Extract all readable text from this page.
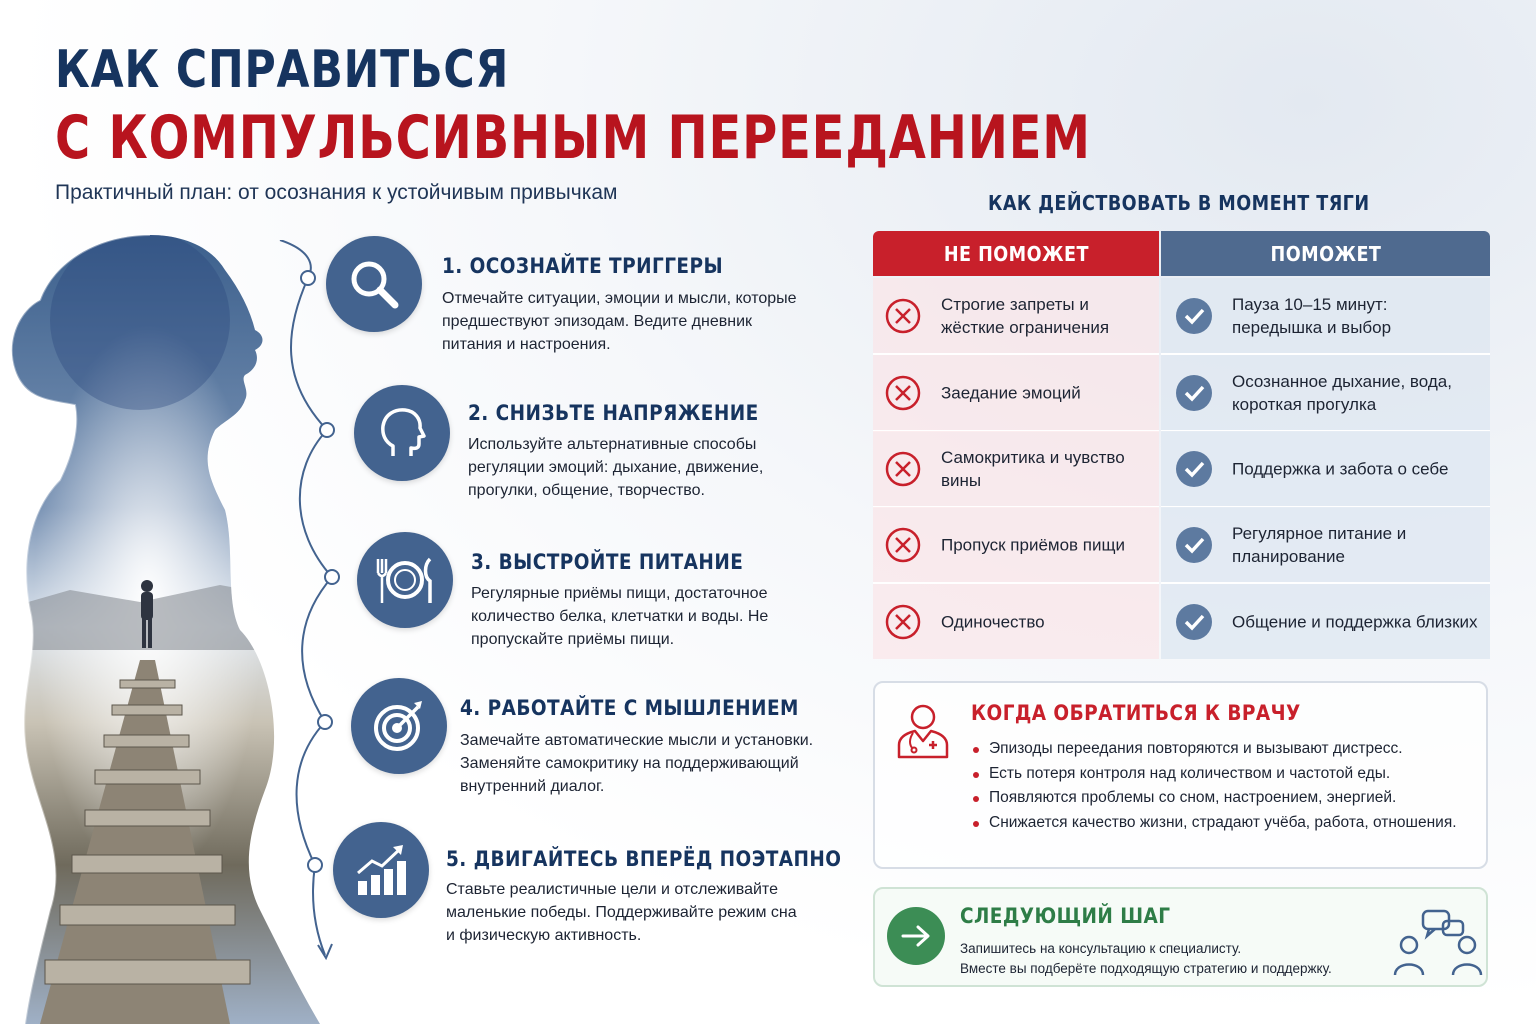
КАК СПРАВИТЬСЯ
С КОМПУЛЬСИВНЫМ ПЕРЕЕДАНИЕМ
Практичный план: от осознания к устойчивым привычкам
1. ОСОЗНАЙТЕ ТРИГГЕРЫ
Отмечайте ситуации, эмоции и мысли, которые предшествуют эпизодам. Ведите дневник питания и настроения.
2. СНИЗЬТЕ НАПРЯЖЕНИЕ
Используйте альтернативные способы регуляции эмоций: дыхание, движение, прогулки, общение, творчество.
3. ВЫСТРОЙТЕ ПИТАНИЕ
Регулярные приёмы пищи, достаточное количество белка, клетчатки и воды. Не пропускайте приёмы пищи.
4. РАБОТАЙТЕ С МЫШЛЕНИЕМ
Замечайте автоматические мысли и установки. Заменяйте самокритику на поддерживающий внутренний диалог.
5. ДВИГАЙТЕСЬ ВПЕРЁД ПОЭТАПНО
Ставьте реалистичные цели и отслеживайте маленькие победы. Поддерживайте режим сна и физическую активность.
КАК ДЕЙСТВОВАТЬ В МОМЕНТ ТЯГИ
НЕ ПОМОЖЕТ	ПОМОЖЕТ
Строгие запреты и жёсткие ограничения
Пауза 10–15 минут: передышка и выбор
Заедание эмоций
Осознанное дыхание, вода, короткая прогулка
Самокритика и чувство вины
Поддержка и забота о себе
Пропуск приёмов пищи
Регулярное питание и планирование
Одиночество	Общение и поддержка близких
КОГДА ОБРАТИТЬСЯ К ВРАЧУ
Эпизоды переедания повторяются и вызывают дистресс.
Есть потеря контроля над количеством и частотой еды.
Появляются проблемы со сном, настроением, энергией.
Снижается качество жизни, страдают учёба, работа, отношения.
СЛЕДУЮЩИЙ ШАГ
Запишитесь на консультацию к специалисту.
Вместе вы подберёте подходящую стратегию и поддержку.
